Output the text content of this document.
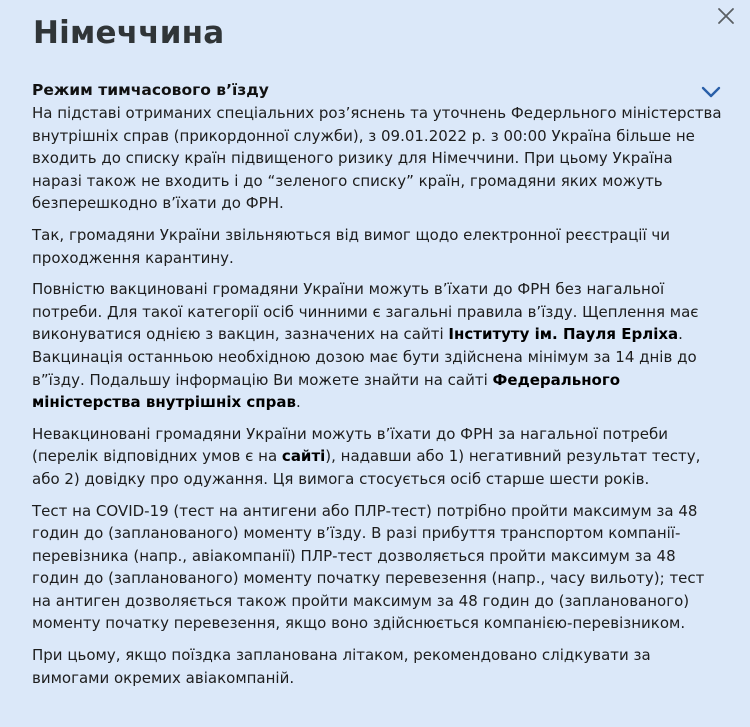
Німеччина
Режим тимчасового в’їзду

На підставі отриманих спеціальних роз’яснень та уточнень Федерльного міністерства внутрішніх справ (прикордонної служби), з 09.01.2022 р. з 00:00 Україна більше не входить до списку країн підвищеного ризику для Німеччини. При цьому Україна наразі також не входить і до “зеленого списку” країн, громадяни яких можуть безперешкодно в’їхати до ФРН.

Так, громадяни України звільняються від вимог щодо електронної реєстрації чи проходження карантину.

Повністю вакциновані громадяни України можуть в’їхати до ФРН без нагальної потреби. Для такої категорії осіб чинними є загальні правила в’їзду. Щеплення має виконуватися однією з вакцин, зазначених на сайті Інституту ім. Пауля Ерліха. Вакцинація останньою необхідною дозою має бути здійснена мінімум за 14 днів до в”їзду. Подальшу інформацію Ви можете знайти на сайті Федерального міністерства внутрішніх справ.

Невакциновані громадяни України можуть в’їхати до ФРН за нагальної потреби (перелік відповідних умов є на сайті), надавши або 1) негативний результат тесту, або 2) довідку про одужання. Ця вимога стосується осіб старше шести років.

Тест на COVID-19 (тест на антигени або ПЛР-тест) потрібно пройти максимум за 48 годин до (запланованого) моменту в’їзду. В разі прибуття транспортом компанії-перевізника (напр., авіакомпанії) ПЛР-тест дозволяється пройти максимум за 48 годин до (запланованого) моменту початку перевезення (напр., часу вильоту); тест на антиген дозволяється також пройти максимум за 48 годин до (запланованого) моменту початку перевезення, якщо воно здійснюється компанією-перевізником.

При цьому, якщо поїздка запланована літаком, рекомендовано слідкувати за вимогами окремих авіакомпаній.
